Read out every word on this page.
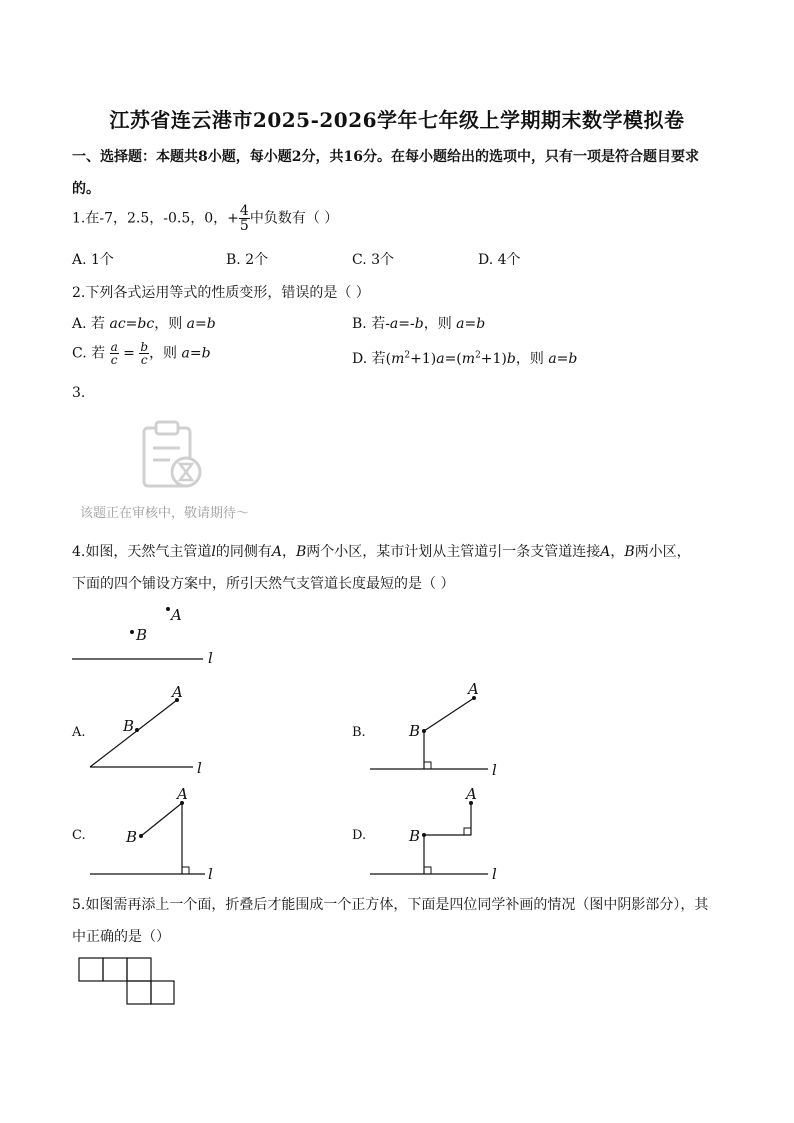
江苏省连云港市2025-2026学年七年级上学期期末数学模拟卷
一、选择题：本题共8小题，每小题2分，共16分。在每小题给出的选项中，只有一项是符合题目要求
的。
1.在-7，2.5，-0.5，0，+ $\frac{4}{5}$ 中负数有（ ）
A. 1个	B. 2个	C. 3个	D. 4个
2.下列各式运用等式的性质变形，错误的是（ ）
A. 若 ac=bc，则 a=b	B. 若-a=-b，则 a=b
C. 若 $\frac{a}{c} = \frac{b}{c}$ ，则 a=b	D. 若$(m^2+1)a=(m^2+1)b$，则 a=b
3.
该题正在审核中，敬请期待～
4.如图，天然气主管道l的同侧有A，B两个小区，某市计划从主管道引一条支管道连接A，B两小区，
下面的四个铺设方案中，所引天然气支管道长度最短的是（ ）
A
B
l
A. B
A
l
B.	B
A
l
C.	B
A
l
D.	B
A
l
5.如图需再添上一个面，折叠后才能围成一个正方体，下面是四位同学补画的情况（图中阴影部分），其
中正确的是（）
